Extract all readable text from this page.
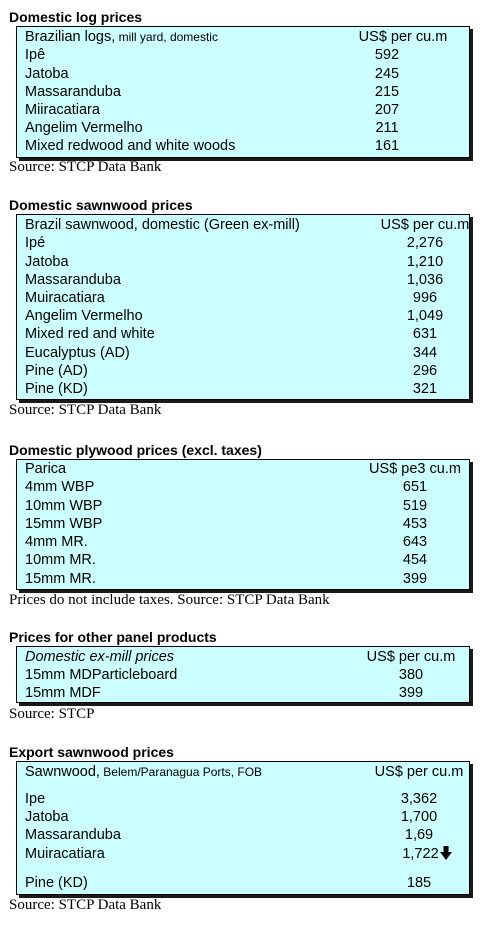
Domestic log prices
Brazilian logs, mill yard, domestic	US$ per cu.m
Ipê	592
Jatoba	245
Massaranduba	215
Miiracatiara	207
Angelim Vermelho	211
Mixed redwood and white woods	161
Source: STCP Data Bank
Domestic sawnwood prices
Brazil sawnwood, domestic (Green ex-mill)	US$ per cu.m
Ipé	2,276
Jatoba	1,210
Massaranduba	1,036
Muiracatiara	996
Angelim Vermelho	1,049
Mixed red and white	631
Eucalyptus (AD)	344
Pine (AD)	296
Pine (KD)	321
Source: STCP Data Bank
Domestic plywood prices (excl. taxes)
Parica	US$ pe3 cu.m
4mm WBP	651
10mm WBP	519
15mm WBP	453
4mm MR.	643
10mm MR.	454
15mm MR.	399
Prices do not include taxes. Source: STCP Data Bank
Prices for other panel products
Domestic ex-mill prices	US$ per cu.m
15mm MDParticleboard	380
15mm MDF	399
Source: STCP
Export sawnwood prices
Sawnwood, Belem/Paranagua Ports, FOB	US$ per cu.m
Ipe	3,362
Jatoba	1,700
Massaranduba	1,69
Muiracatiara	1,722
Pine (KD)	185
Source: STCP Data Bank
